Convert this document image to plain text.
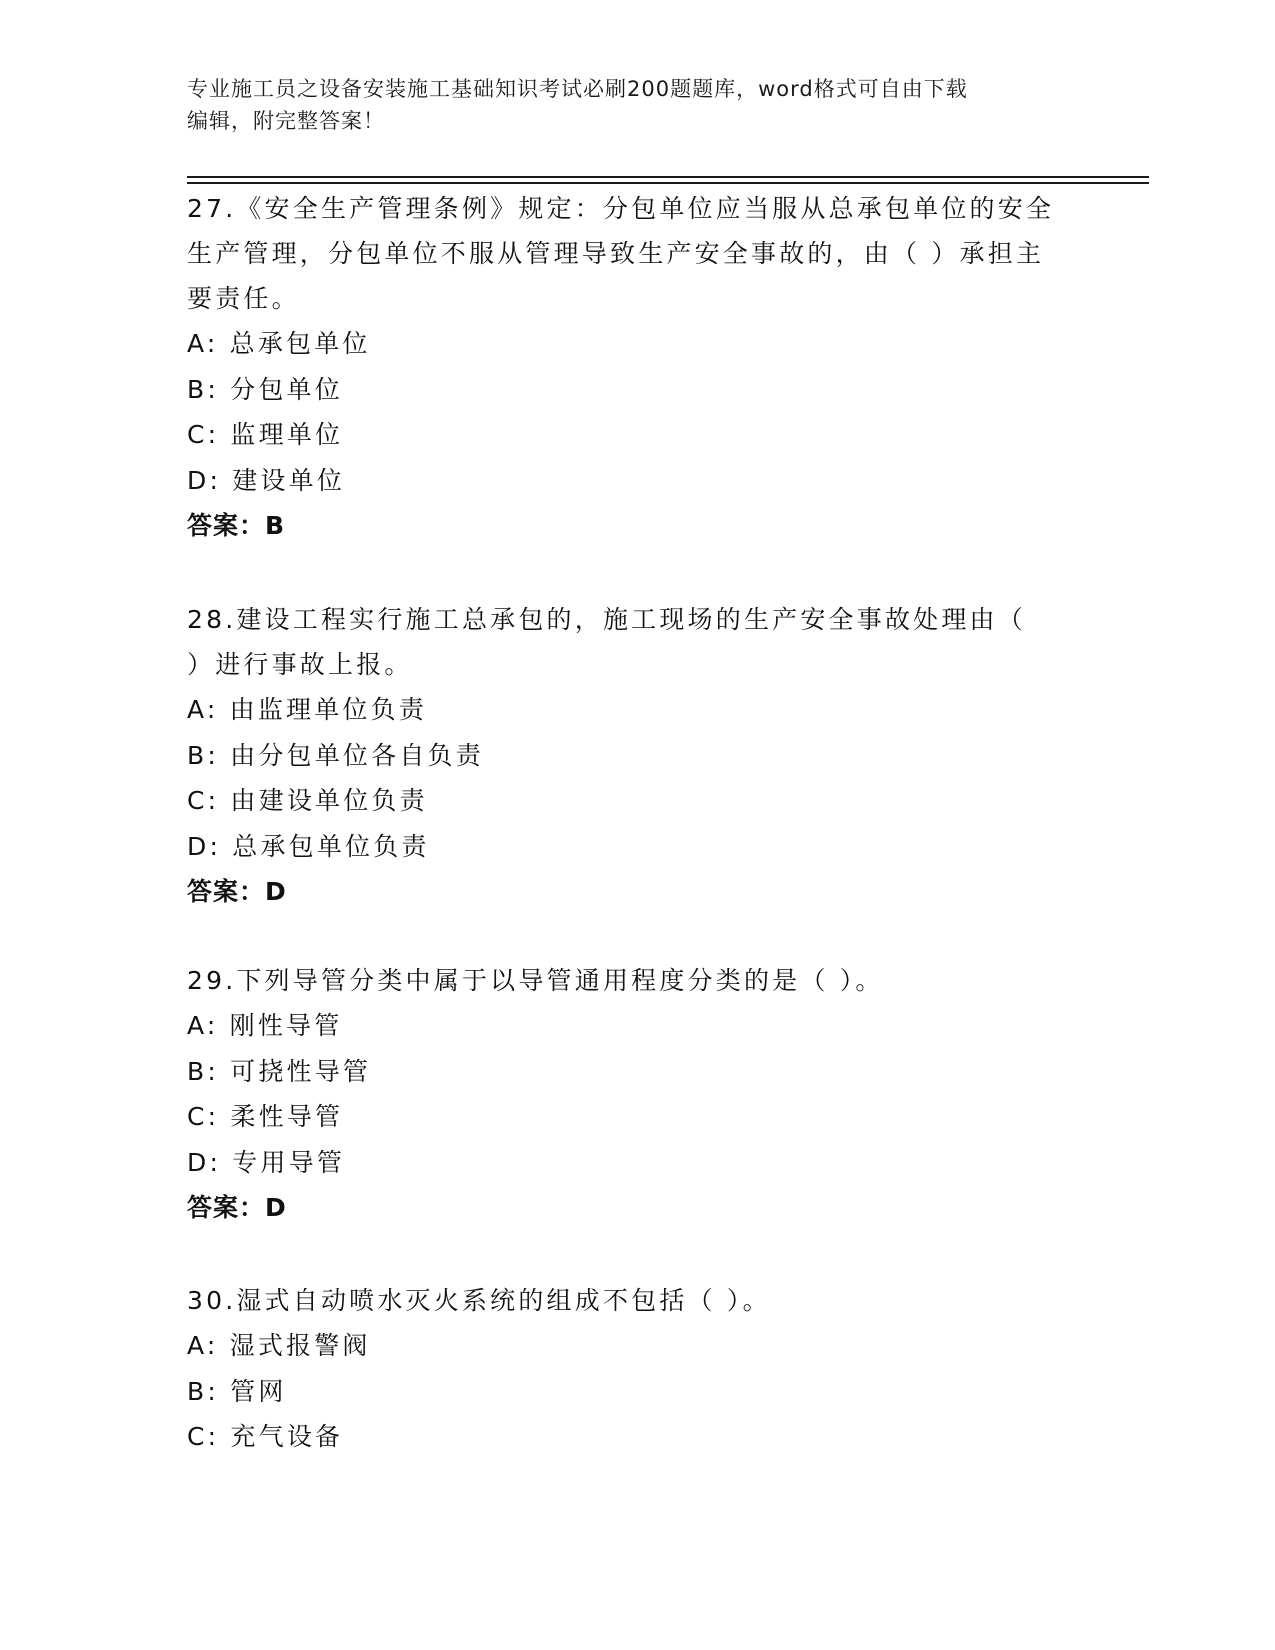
专业施工员之设备安装施工基础知识考试必刷200题题库，word格式可自由下载
编辑，附完整答案！

27.《安全生产管理条例》规定：分包单位应当服从总承包单位的安全

生产管理，分包单位不服从管理导致生产安全事故的，由（ ）承担主

要责任。

A: 总承包单位

B: 分包单位

C: 监理单位

D: 建设单位

答案：B

28.建设工程实行施工总承包的，施工现场的生产安全事故处理由（

）进行事故上报。

A: 由监理单位负责

B: 由分包单位各自负责

C: 由建设单位负责

D: 总承包单位负责

答案：D

29.下列导管分类中属于以导管通用程度分类的是（ ）。

A: 刚性导管

B: 可挠性导管

C: 柔性导管

D: 专用导管

答案：D

30.湿式自动喷水灭火系统的组成不包括（ ）。

A: 湿式报警阀

B: 管网

C: 充气设备
